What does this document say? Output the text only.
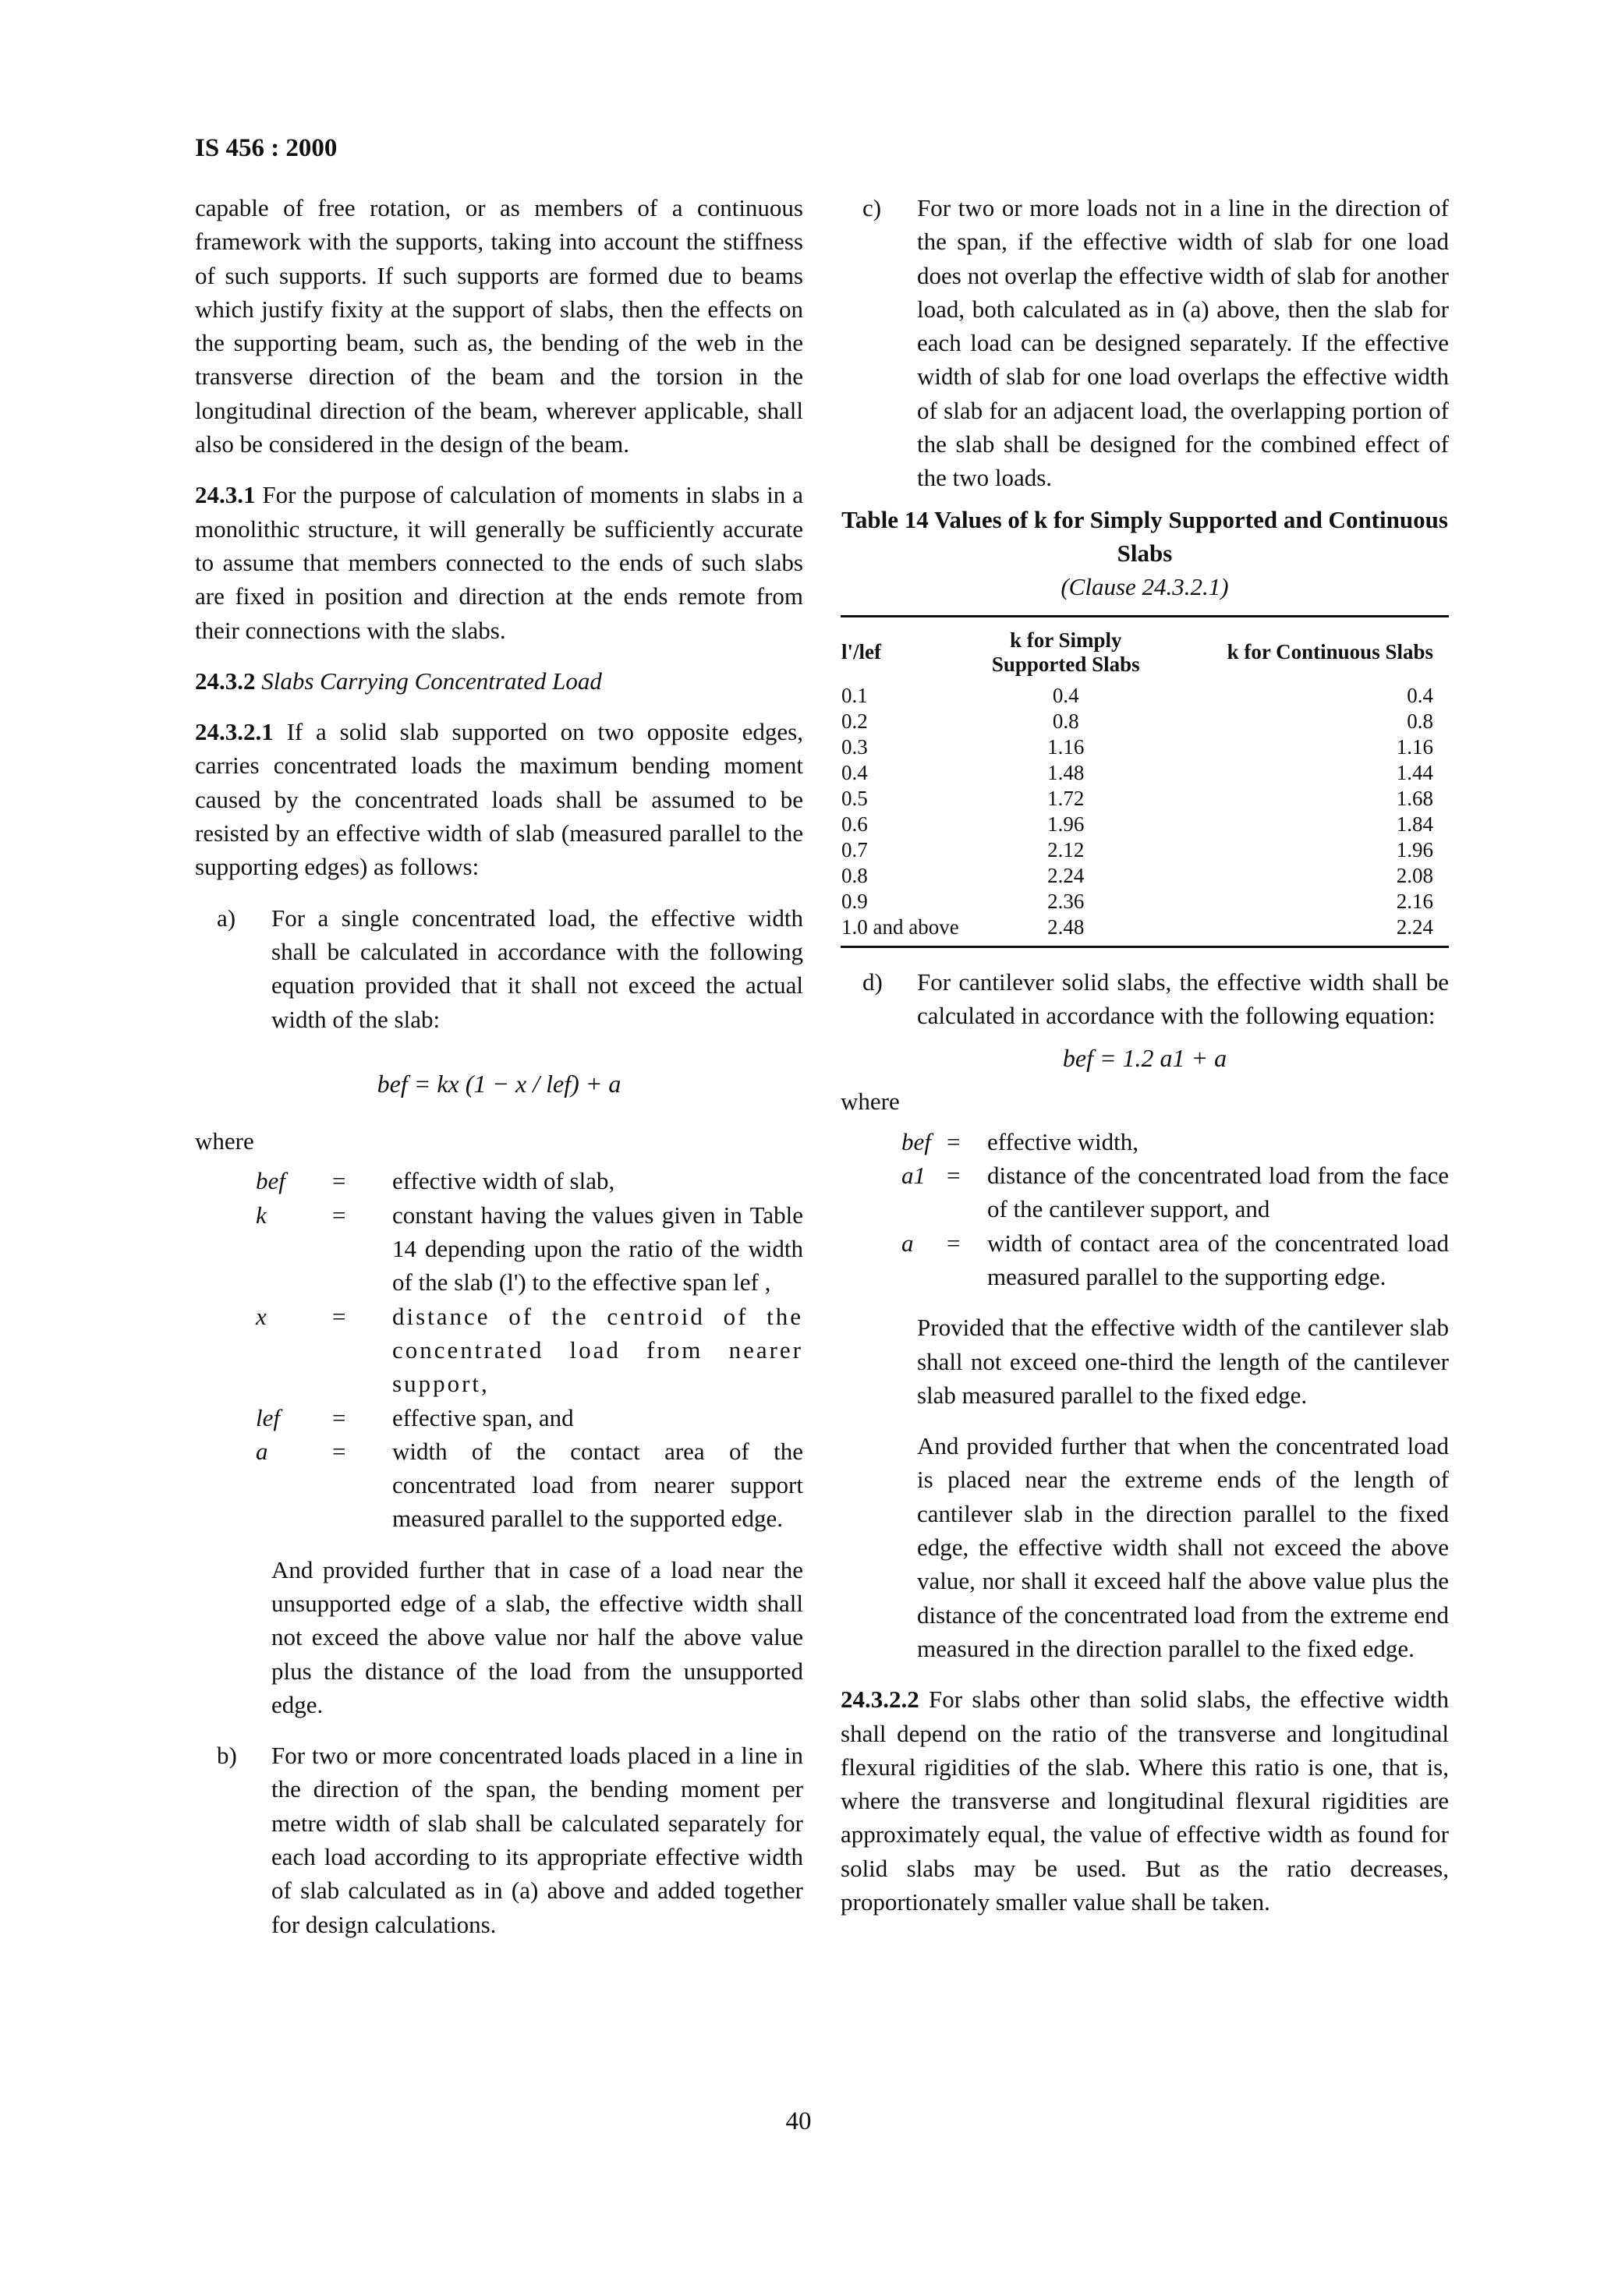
IS 456 : 2000

capable of free rotation, or as members of a continuous framework with the supports, taking into account the stiffness of such supports. If such supports are formed due to beams which justify fixity at the support of slabs, then the effects on the supporting beam, such as, the bending of the web in the transverse direction of the beam and the torsion in the longitudinal direction of the beam, wherever applicable, shall also be considered in the design of the beam.

24.3.1 For the purpose of calculation of moments in slabs in a monolithic structure, it will generally be sufficiently accurate to assume that members connected to the ends of such slabs are fixed in position and direction at the ends remote from their connections with the slabs.

24.3.2 Slabs Carrying Concentrated Load

24.3.2.1 If a solid slab supported on two opposite edges, carries concentrated loads the maximum bending moment caused by the concentrated loads shall be assumed to be resisted by an effective width of slab (measured parallel to the supporting edges) as follows:

a) For a single concentrated load, the effective width shall be calculated in accordance with the following equation provided that it shall not exceed the actual width of the slab:

bef = kx (1 − x / lef) + a

where

bef	= effective width of slab,
k	= constant having the values given in Table 14 depending upon the ratio of the width of the slab (l') to the effective span lef ,
x	= distance of the centroid of the concentrated load from nearer support,
lef	= effective span, and
a	= width of the contact area of the concentrated load from nearer support measured parallel to the supported edge.

And provided further that in case of a load near the unsupported edge of a slab, the effective width shall not exceed the above value nor half the above value plus the distance of the load from the unsupported edge.

b) For two or more concentrated loads placed in a line in the direction of the span, the bending moment per metre width of slab shall be calculated separately for each load according to its appropriate effective width of slab calculated as in (a) above and added together for design calculations.

c) For two or more loads not in a line in the direction of the span, if the effective width of slab for one load does not overlap the effective width of slab for another load, both calculated as in (a) above, then the slab for each load can be designed separately. If the effective width of slab for one load overlaps the effective width of slab for an adjacent load, the overlapping portion of the slab shall be designed for the combined effect of the two loads.

Table 14 Values of k for Simply Supported and Continuous Slabs
(Clause 24.3.2.1)
l'/lef	k for Simply Supported Slabs	k for Continuous Slabs
0.1	0.4	0.4
0.2	0.8	0.8
0.3	1.16	1.16
0.4	1.48	1.44
0.5	1.72	1.68
0.6	1.96	1.84
0.7	2.12	1.96
0.8	2.24	2.08
0.9	2.36	2.16
1.0 and above	2.48	2.24
d) For cantilever solid slabs, the effective width shall be calculated in accordance with the following equation:

bef = 1.2 a1 + a

where

bef = effective width,
a1 = distance of the concentrated load from the face of the cantilever support, and
a	= width of contact area of the concentrated load measured parallel to the supporting edge.

Provided that the effective width of the cantilever slab shall not exceed one-third the length of the cantilever slab measured parallel to the fixed edge.

And provided further that when the concentrated load is placed near the extreme ends of the length of cantilever slab in the direction parallel to the fixed edge, the effective width shall not exceed the above value, nor shall it exceed half the above value plus the distance of the concentrated load from the extreme end measured in the direction parallel to the fixed edge.

24.3.2.2 For slabs other than solid slabs, the effective width shall depend on the ratio of the transverse and longitudinal flexural rigidities of the slab. Where this ratio is one, that is, where the transverse and longitudinal flexural rigidities are approximately equal, the value of effective width as found for solid slabs may be used. But as the ratio decreases, proportionately smaller value shall be taken.

40
